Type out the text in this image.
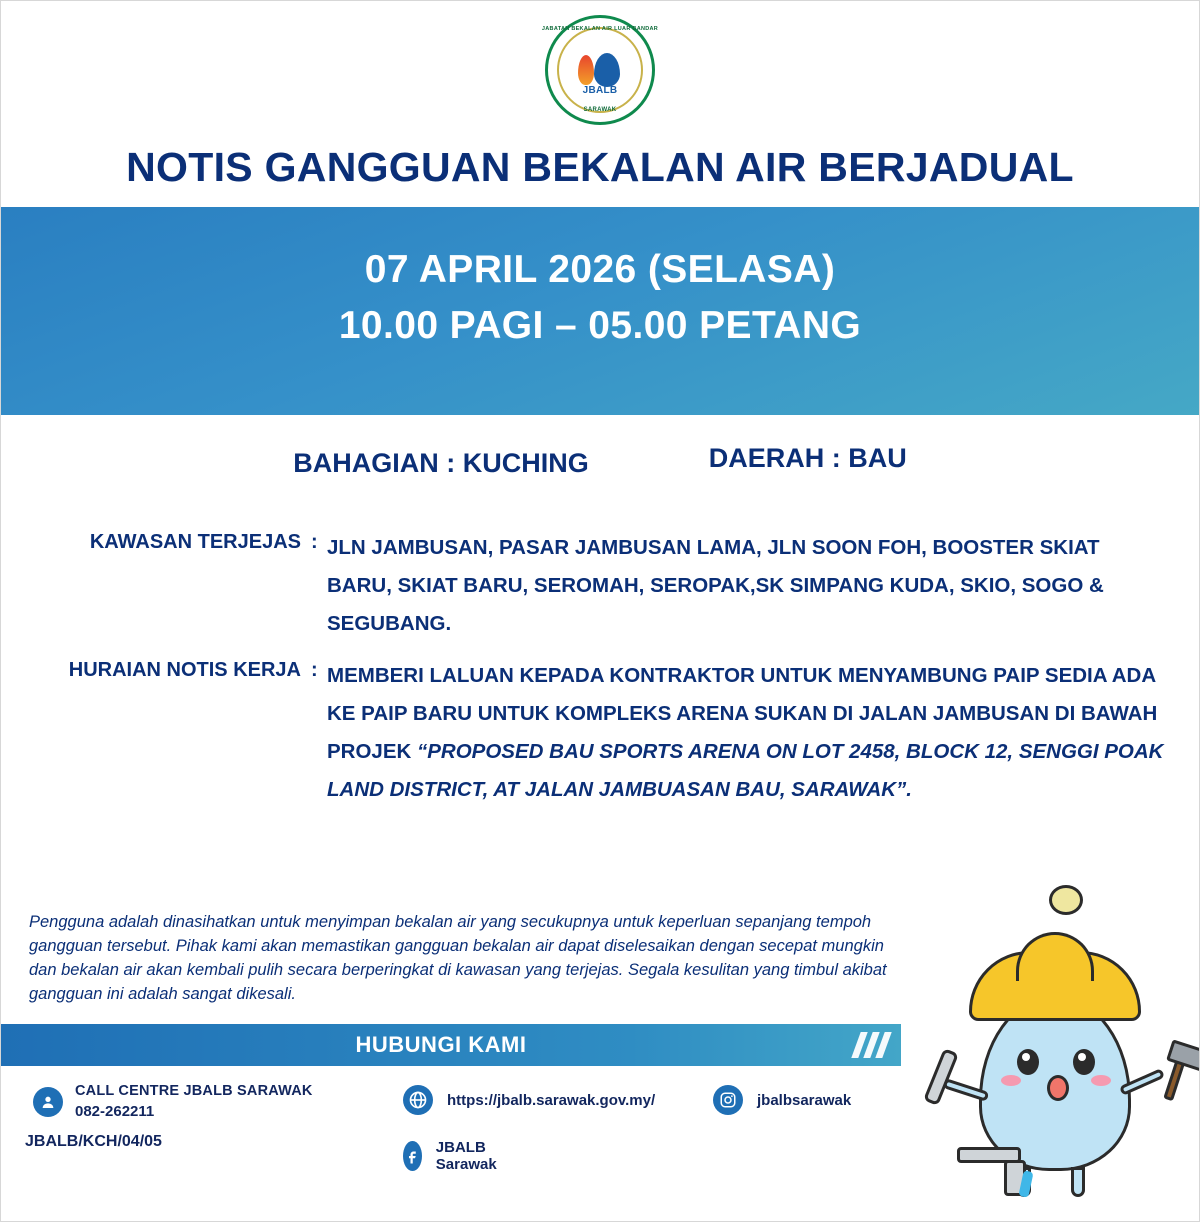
JABATAN BEKALAN AIR LUAR BANDAR
JBALB
SARAWAK
NOTIS GANGGUAN BEKALAN AIR BERJADUAL
07 APRIL 2026 (SELASA)
10.00 PAGI – 05.00 PETANG
BAHAGIAN : KUCHING	DAERAH : BAU
KAWASAN TERJEJAS : JLN JAMBUSAN, PASAR JAMBUSAN LAMA, JLN SOON FOH, BOOSTER SKIAT BARU, SKIAT BARU, SEROMAH, SEROPAK,SK SIMPANG KUDA, SKIO, SOGO & SEGUBANG.
HURAIAN NOTIS KERJA : MEMBERI LALUAN KEPADA KONTRAKTOR UNTUK MENYAMBUNG PAIP SEDIA ADA KE PAIP BARU UNTUK KOMPLEKS ARENA SUKAN DI JALAN JAMBUSAN DI BAWAH PROJEK “PROPOSED BAU SPORTS ARENA ON LOT 2458, BLOCK 12, SENGGI POAK LAND DISTRICT, AT JALAN JAMBUASAN BAU, SARAWAK”.
Pengguna adalah dinasihatkan untuk menyimpan bekalan air yang secukupnya untuk keperluan sepanjang tempoh gangguan tersebut. Pihak kami akan memastikan gangguan bekalan air dapat diselesaikan dengan secepat mungkin dan bekalan air akan kembali pulih secara berperingkat di kawasan yang terjejas. Segala kesulitan yang timbul akibat gangguan ini adalah sangat dikesali.
HUBUNGI KAMI
CALL CENTRE JBALB SARAWAK
082-262211
JBALB/KCH/04/05
https://jbalb.sarawak.gov.my/
JBALB Sarawak
jbalbsarawak
